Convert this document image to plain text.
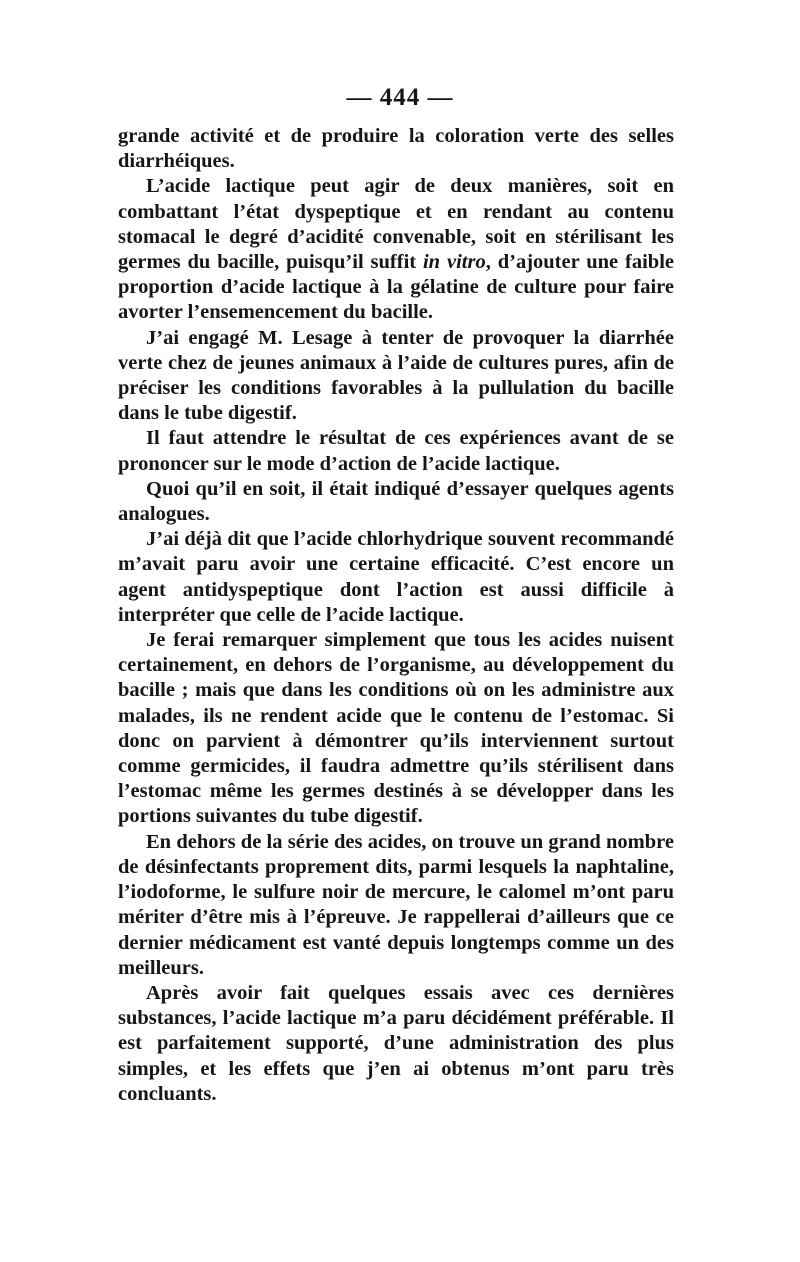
— 444 —

grande activité et de produire la coloration verte des selles diarrhéiques.

L’acide lactique peut agir de deux manières, soit en combattant l’état dyspeptique et en rendant au contenu stomacal le degré d’acidité convenable, soit en stérilisant les germes du bacille, puisqu’il suffit in vitro, d’ajouter une faible proportion d’acide lactique à la gélatine de culture pour faire avorter l’ensemencement du bacille.

J’ai engagé M. Lesage à tenter de provoquer la diarrhée verte chez de jeunes animaux à l’aide de cultures pures, afin de préciser les conditions favorables à la pullulation du bacille dans le tube digestif.

Il faut attendre le résultat de ces expériences avant de se prononcer sur le mode d’action de l’acide lactique.

Quoi qu’il en soit, il était indiqué d’essayer quelques agents analogues.

J’ai déjà dit que l’acide chlorhydrique souvent recommandé m’avait paru avoir une certaine efficacité. C’est encore un agent antidyspeptique dont l’action est aussi difficile à interpréter que celle de l’acide lactique.

Je ferai remarquer simplement que tous les acides nuisent certainement, en dehors de l’organisme, au développement du bacille ; mais que dans les conditions où on les administre aux malades, ils ne rendent acide que le contenu de l’estomac. Si donc on parvient à démontrer qu’ils interviennent surtout comme germicides, il faudra admettre qu’ils stérilisent dans l’estomac même les germes destinés à se développer dans les portions suivantes du tube digestif.

En dehors de la série des acides, on trouve un grand nombre de désinfectants proprement dits, parmi lesquels la naphtaline, l’iodoforme, le sulfure noir de mercure, le calomel m’ont paru mériter d’être mis à l’épreuve. Je rappellerai d’ailleurs que ce dernier médicament est vanté depuis longtemps comme un des meilleurs.

Après avoir fait quelques essais avec ces dernières substances, l’acide lactique m’a paru décidément préférable. Il est parfaitement supporté, d’une administration des plus simples, et les effets que j’en ai obtenus m’ont paru très concluants.
